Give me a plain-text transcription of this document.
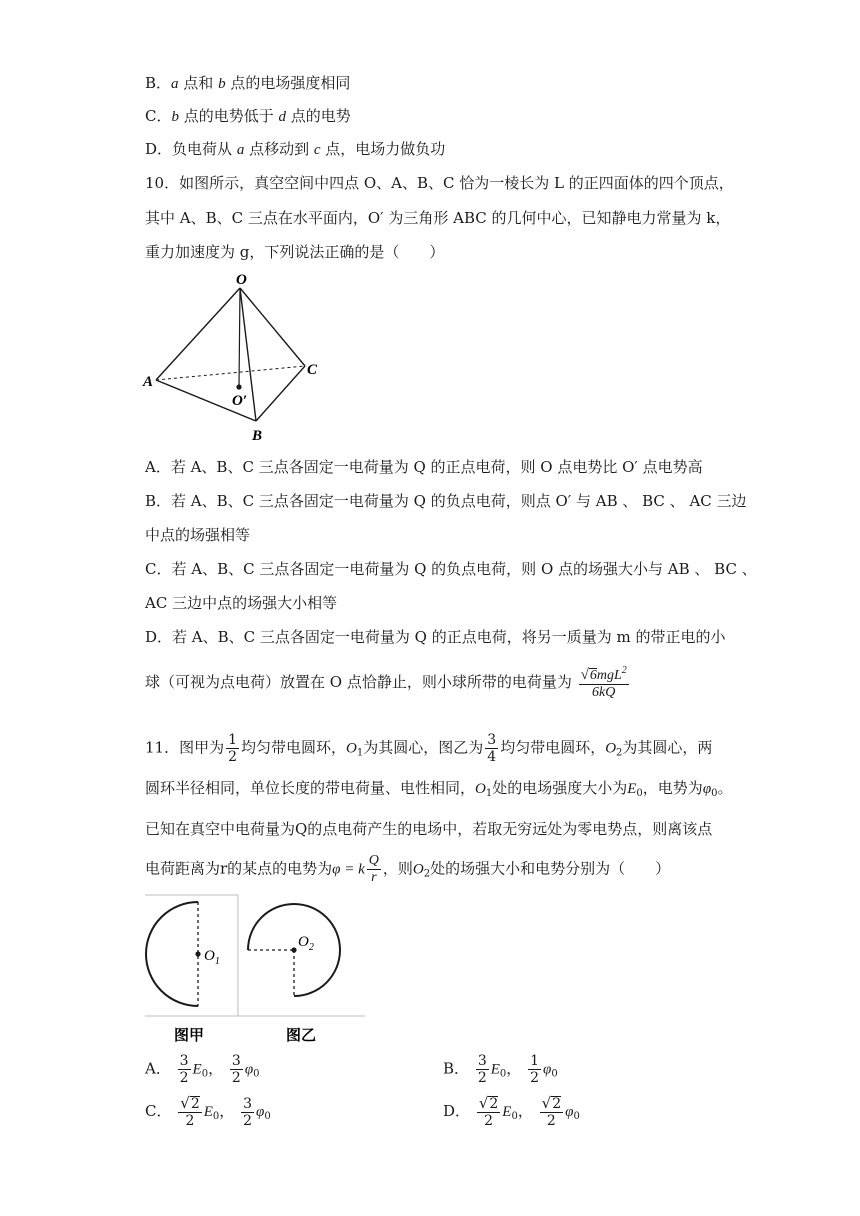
B．a 点和 b 点的电场强度相同
C．b 点的电势低于 d 点的电势
D．负电荷从 a 点移动到 c 点，电场力做负功
10．如图所示，真空空间中四点 O、A、B、C 恰为一棱长为 L 的正四面体的四个顶点，
其中 A、B、C 三点在水平面内，O′ 为三角形 ABC 的几何中心，已知静电力常量为 k，
重力加速度为 g，下列说法正确的是（　　）
O
A
B
C
O′
A．若 A、B、C 三点各固定一电荷量为 Q 的正点电荷，则 O 点电势比 O′ 点电势高
B．若 A、B、C 三点各固定一电荷量为 Q 的负点电荷，则点 O′ 与 AB 、 BC 、 AC 三边
中点的场强相等
C．若 A、B、C 三点各固定一电荷量为 Q 的负点电荷，则 O 点的场强大小与 AB 、 BC 、
AC 三边中点的场强大小相等
D．若 A、B、C 三点各固定一电荷量为 Q 的正点电荷，将另一质量为 m 的带正电的小
球（可视为点电荷）放置在 O 点恰静止，则小球所带的电荷量为 $\frac{√ 6 mgL^2}{6kQ}$
11．图甲为 $\frac{1}{2}$ 均匀带电圆环，$O_1$为其圆心，图乙为 $\frac{3}{4}$ 均匀带电圆环，$O_2$为其圆心，两
圆环半径相同，单位长度的带电荷量、电性相同，$O_1$处的电场强度大小为$E_0$，电势为$\varphi_0$。
已知在真空中电荷量为Q的点电荷产生的电场中，若取无穷远处为零电势点，则离该点
电荷距离为r的某点的电势为φ = k $\frac{Q}{r}$ ，则$O_2$处的场强大小和电势分别为（　　）
$O_1$
$O_2$
图甲	图乙
A． $\frac{3}{2} E_0$， $\frac{3}{2} \varphi_0$	B． $\frac{3}{2} E_0$， $\frac{1}{2} \varphi_0$
C． $\frac{√ 2}{2} E_0$， $\frac{3}{2} \varphi_0$	D． $\frac{√ 2}{2} E_0$， $\frac{√ 2}{2} \varphi_0$
